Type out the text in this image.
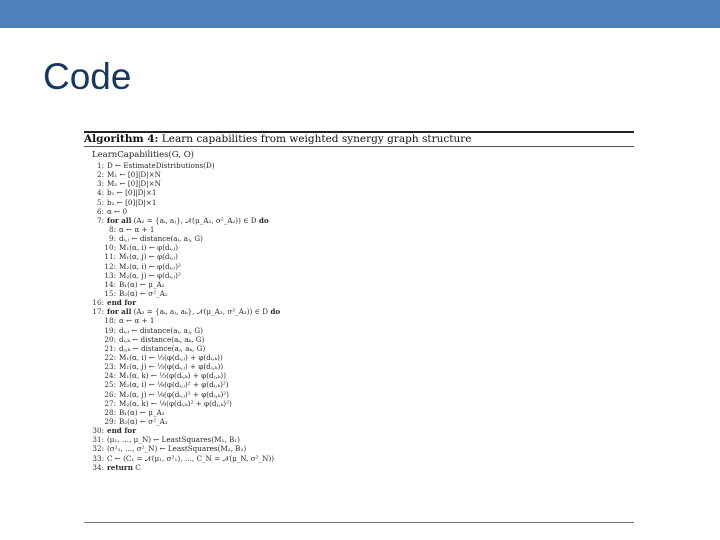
Code
Algorithm 4: Learn capabilities from weighted synergy graph structure
LearnCapabilities(G, O)
1: D ← EstimateDistributions(D)
2: M₁ ← [0]|D|×N
3: M₂ ← [0]|D|×N
4: b₁ ← [0]|D|×1
5: b₂ ← [0]|D|×1
6: α ← 0
7: for all (A₂ = {aᵢ, aⱼ}, 𝒩(μ_A₂, σ²_A₂)) ∈ D do
8: α ← α + 1
9: dᵢ,ⱼ ← distance(aᵢ, aⱼ, G)
10: M₁(α, i) ← φ(dᵢ,ⱼ)
11: M₁(α, j) ← φ(dᵢ,ⱼ)
12: M₂(α, i) ← φ(dᵢ,ⱼ)²
13: M₂(α, j) ← φ(dᵢ,ⱼ)²
14: B₁(α) ← μ_A₂
15: B₂(α) ← σ²_A₂
16: end for
17: for all (A₃ = {aᵢ, aⱼ, aₖ}, 𝒩(μ_A₃, σ²_A₃)) ∈ D do
18: α ← α + 1
19: dᵢ,ⱼ ← distance(aᵢ, aⱼ, G)
20: dᵢ,ₖ ← distance(aᵢ, aₖ, G)
21: dⱼ,ₖ ← distance(aⱼ, aₖ, G)
22: M₁(α, i) ← ⅓(φ(dᵢ,ⱼ) + φ(dᵢ,ₖ))
23: M₁(α, j) ← ⅓(φ(dᵢ,ⱼ) + φ(dⱼ,ₖ))
24: M₁(α, k) ← ⅓(φ(dᵢ,ₖ) + φ(dⱼ,ₖ))
25: M₂(α, i) ← ⅑(φ(dᵢ,ⱼ)² + φ(dᵢ,ₖ)²)
26: M₂(α, j) ← ⅑(φ(dᵢ,ⱼ)² + φ(dⱼ,ₖ)²)
27: M₂(α, k) ← ⅑(φ(dᵢ,ₖ)² + φ(dⱼ,ₖ)²)
28: B₁(α) ← μ_A₃
29: B₂(α) ← σ²_A₃
30: end for
31: (μ₁, …, μ_N) ← LeastSquares(M₁, B₁)
32: (σ²₁, …, σ²_N) ← LeastSquares(M₂, B₂)
33: C ← (C₁ = 𝒩(μ₁, σ²₁), …, C_N = 𝒩(μ_N, σ²_N))
34: return C
